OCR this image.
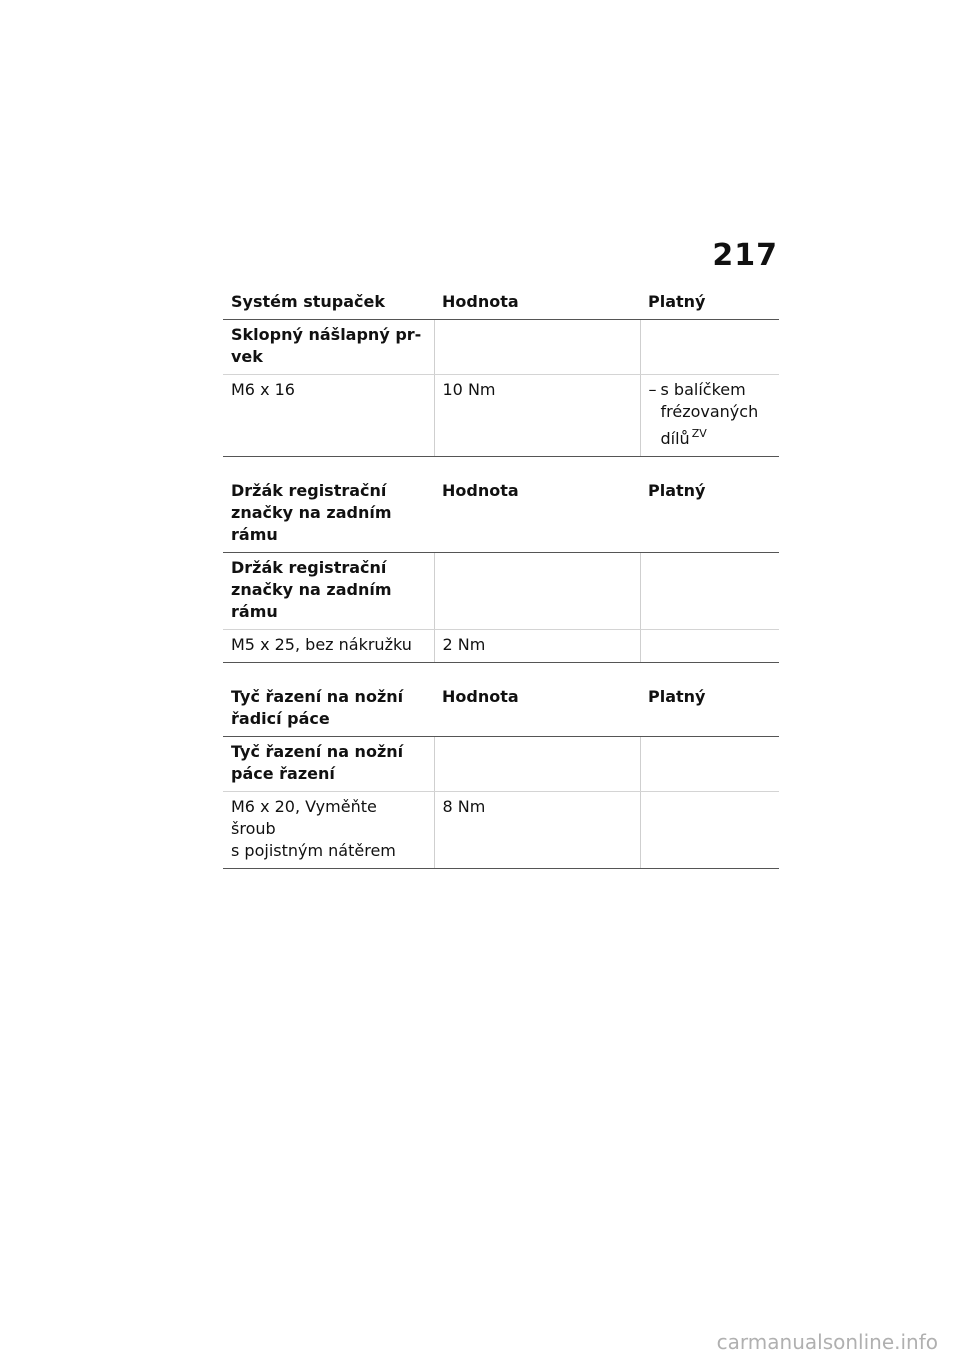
217
Systém stupaček	Hodnota	Platný
Sklopný nášlapný pr-vek		
M6 x 16	10 Nm	– s balíčkem frézovaných dílů $^{ZV}$
Držák registrační značky na zadním rámu	Hodnota	Platný
Držák registrační značky na zadním rámu		
M5 x 25, bez nákružku	2 Nm	
Tyč řazení na nožní řadicí páce	Hodnota	Platný
Tyč řazení na nožní páce řazení		

M6 x 20, Vyměňte
šroub
s pojistným nátěrem	8 Nm	
carmanualsonline.info
